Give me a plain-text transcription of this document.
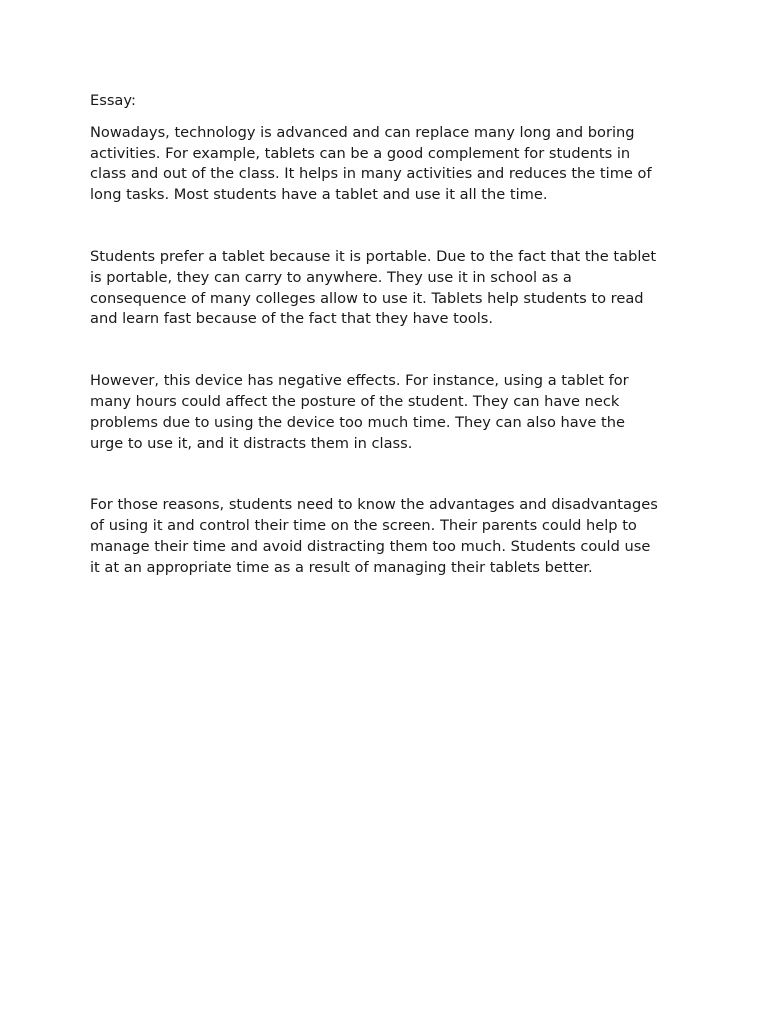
Essay:

Nowadays, technology is advanced and can replace many long and boring
activities. For example, tablets can be a good complement for students in
class and out of the class. It helps in many activities and reduces the time of
long tasks. Most students have a tablet and use it all the time.

Students prefer a tablet because it is portable. Due to the fact that the tablet
is portable, they can carry to anywhere. They use it in school as a
consequence of many colleges allow to use it. Tablets help students to read
and learn fast because of the fact that they have tools.

However, this device has negative effects. For instance, using a tablet for
many hours could affect the posture of the student. They can have neck
problems due to using the device too much time. They can also have the
urge to use it, and it distracts them in class.

For those reasons, students need to know the advantages and disadvantages
of using it and control their time on the screen. Their parents could help to
manage their time and avoid distracting them too much. Students could use
it at an appropriate time as a result of managing their tablets better.
